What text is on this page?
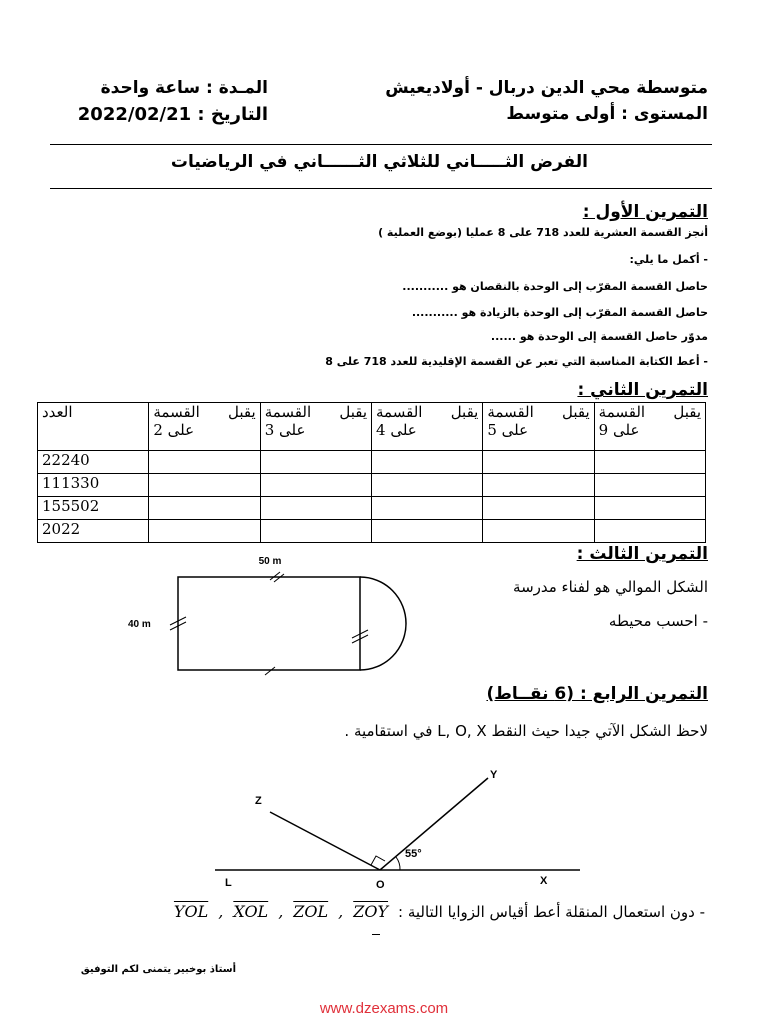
متوسطة محي الدين دربال - أولاديعيش
المـدة : ساعة واحدة
المستوى : أولى متوسط
التاريخ : 2022/02/21
الفرض الثـــــاني للثلاثي الثــــــاني في الرياضيات
التمرين الأول :
أنجز القسمة العشرية للعدد 718 على 8 عمليا (بوضع العملية )
- أكمل ما يلي:
حاصل القسمة المقرّب إلى الوحدة بالنقصان هو ...........
حاصل القسمة المقرّب إلى الوحدة بالزيادة هو ...........
مدوّر حاصل القسمة إلى الوحدة هو ......
- أعط الكتابة المناسبة التي تعبر عن القسمة الإقليدية للعدد 718 على 8
التمرين الثاني :
يقبل القسمة
على 9	يقبل القسمة
على 5	يقبل القسمة
على 4	يقبل القسمة
على 3	يقبل القسمة
على 2	العدد
					22240
					111330
					155502
					2022
التمرين الثالث :
الشكل الموالي هو لفناء مدرسة
- احسب محيطه
50 m
40 m
التمرين الرابع : (6 نقــاط)
لاحظ الشكل الآتي جيدا حيث النقط L, O, X في استقامية .
55°
Z
Y
L	O	X
- دون استعمال المنقلة أعط أقياس الزوايا التالية :
$\overline{ZOY}$
,
$\overline{ZOL}$
,
$\overline{XOL}$
,
$\overline{YOL}$
أستاذ بوخبير يتمنى لكم التوفيق
www.dzexams.com
